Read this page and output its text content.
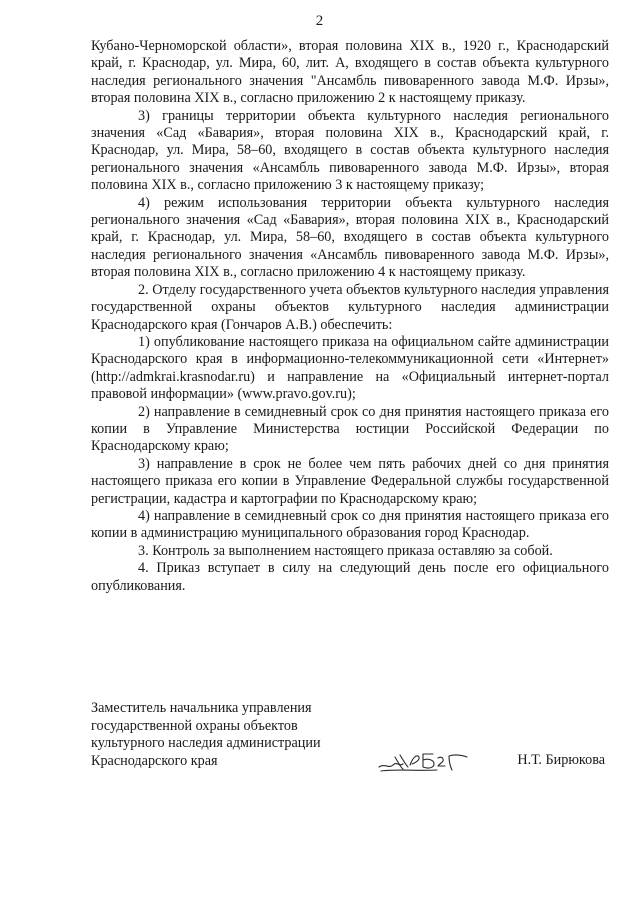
2

Кубано-Черноморской области», вторая половина XIX в., 1920 г., Краснодарский край, г. Краснодар, ул. Мира, 60, лит. А, входящего в состав объекта культурного наследия регионального значения "Ансамбль пивоваренного завода М.Ф. Ирзы», вторая половина XIX в., согласно приложению 2 к настоящему приказу.

3) границы территории объекта культурного наследия регионального значения «Сад «Бавария», вторая половина XIX в., Краснодарский край, г. Краснодар, ул. Мира, 58–60, входящего в состав объекта культурного наследия регионального значения «Ансамбль пивоваренного завода М.Ф. Ирзы», вторая половина XIX в., согласно приложению 3 к настоящему приказу;

4) режим использования территории объекта культурного наследия регионального значения «Сад «Бавария», вторая половина XIX в., Краснодарский край, г. Краснодар, ул. Мира, 58–60, входящего в состав объекта культурного наследия регионального значения «Ансамбль пивоваренного завода М.Ф. Ирзы», вторая половина XIX в., согласно приложению 4 к настоящему приказу.

2. Отделу государственного учета объектов культурного наследия управления государственной охраны объектов культурного наследия администрации Краснодарского края (Гончаров А.В.) обеспечить:

1) опубликование настоящего приказа на официальном сайте администрации Краснодарского края в информационно-телекоммуникационной сети «Интернет» (http://admkrai.krasnodar.ru) и направление на «Официальный интернет-портал правовой информации» (www.pravo.gov.ru);

2) направление в семидневный срок со дня принятия настоящего приказа его копии в Управление Министерства юстиции Российской Федерации по Краснодарскому краю;

3) направление в срок не более чем пять рабочих дней со дня принятия настоящего приказа его копии в Управление Федеральной службы государственной регистрации, кадастра и картографии по Краснодарскому краю;

4) направление в семидневный срок со дня принятия настоящего приказа его копии в администрацию муниципального образования город Краснодар.

3. Контроль за выполнением настоящего приказа оставляю за собой.

4. Приказ вступает в силу на следующий день после его официального опубликования.

Заместитель начальника управления
государственной охраны объектов
культурного наследия администрации
Краснодарского края	Н.Т. Бирюкова
